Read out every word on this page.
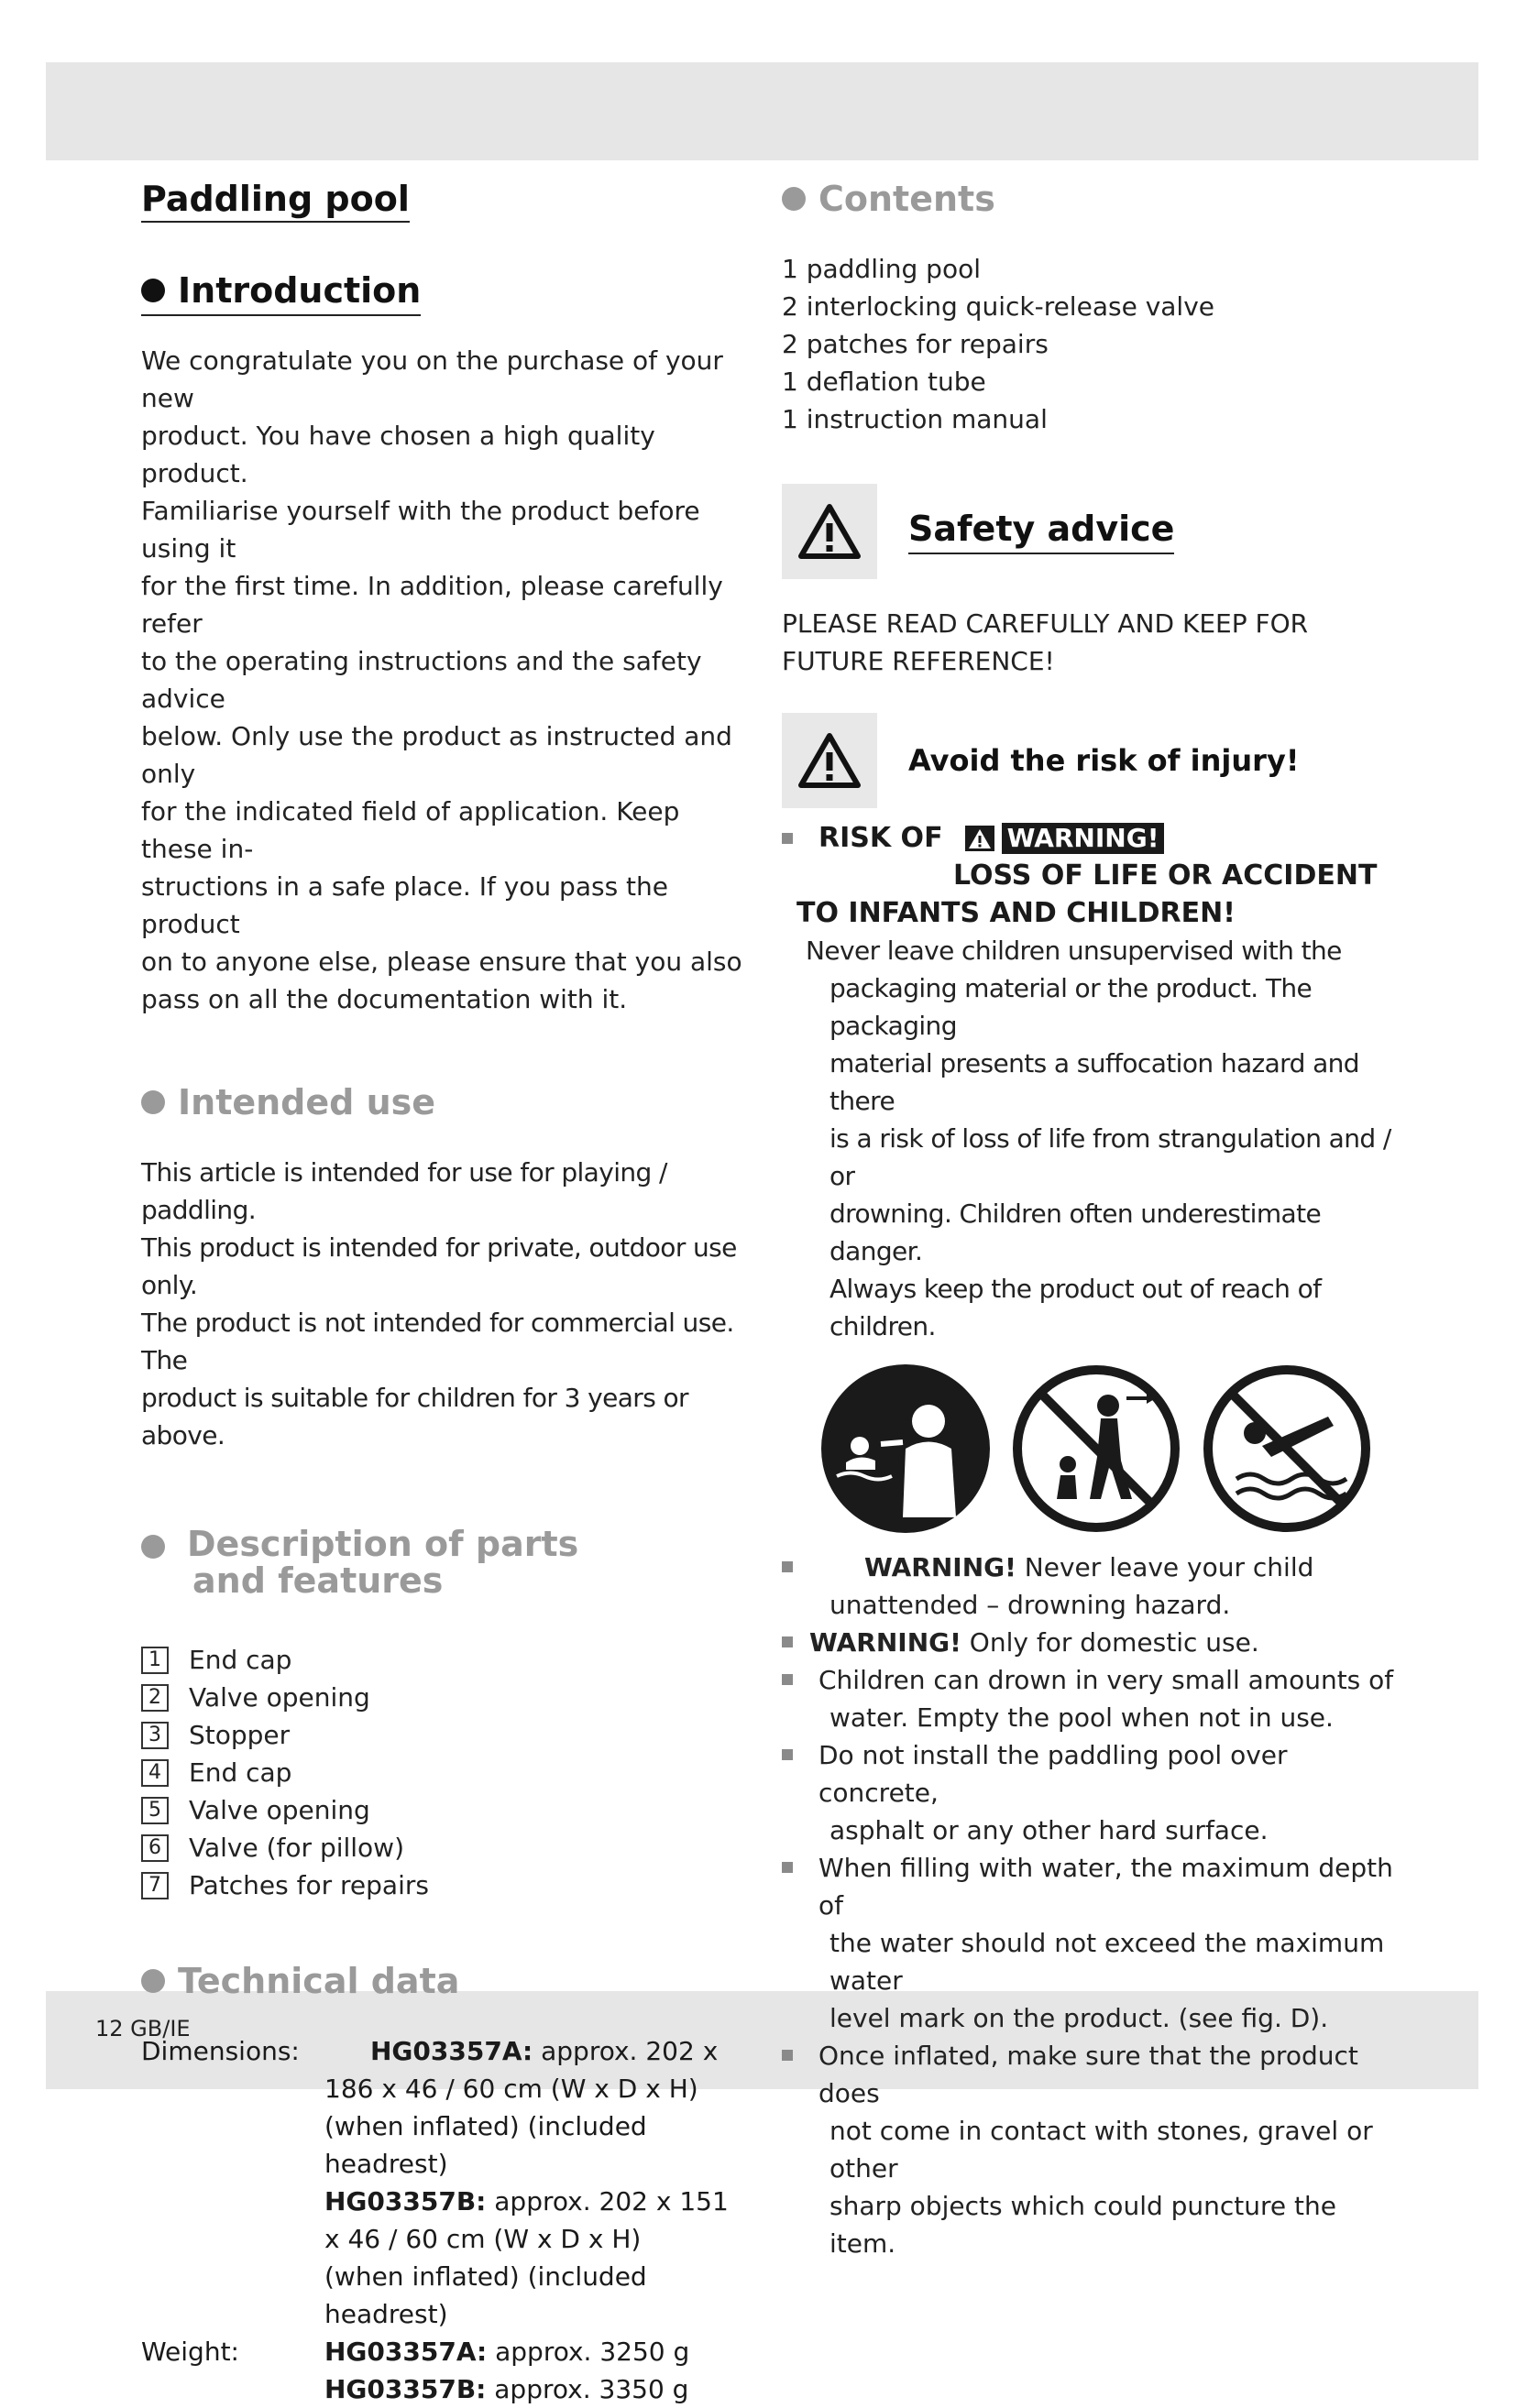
12 GB/IE
Paddling pool
Introduction
We congratulate you on the purchase of your new
product. You have chosen a high quality product.
Familiarise yourself with the product before using it
for the first time. In addition, please carefully refer
to the operating instructions and the safety advice
below. Only use the product as instructed and only
for the indicated field of application. Keep these in-
structions in a safe place. If you pass the product
on to anyone else, please ensure that you also
pass on all the documentation with it.
Intended use
This article is intended for use for playing / paddling.
This product is intended for private, outdoor use only.
The product is not intended for commercial use. The
product is suitable for children for 3 years or above.
Description of parts
and features
1 End cap
2 Valve opening
3 Stopper
4 End cap
5 Valve opening
6 Valve (for pillow)
7 Patches for repairs
Technical data
Dimensions:	HG03357A: approx. 202 x
186 x 46 / 60 cm (W x D x H)
(when inflated) (included headrest)
HG03357B: approx. 202 x 151
x 46 / 60 cm (W x D x H)
(when inflated) (included headrest)
Weight:	HG03357A: approx. 3250 g
HG03357B: approx. 3350 g
Contents
1 paddling pool
2 interlocking quick-release valve
2 patches for repairs
1 deflation tube
1 instruction manual
Safety advice
PLEASE READ CAREFULLY AND KEEP FOR
FUTURE REFERENCE!
Avoid the risk of injury!
RISK OF	WARNING!
LOSS OF LIFE OR ACCIDENT
TO INFANTS AND CHILDREN!
Never leave children unsupervised with the
packaging material or the product. The packaging
material presents a suffocation hazard and there
is a risk of loss of life from strangulation and / or
drowning. Children often underestimate danger.
Always keep the product out of reach of children.
WARNING! Never leave your child
unattended – drowning hazard.
WARNING! Only for domestic use.
Children can drown in very small amounts of
water. Empty the pool when not in use.
Do not install the paddling pool over concrete,
asphalt or any other hard surface.
When filling with water, the maximum depth of
the water should not exceed the maximum water
level mark on the product. (see fig. D).
Once inflated, make sure that the product does
not come in contact with stones, gravel or other
sharp objects which could puncture the item.
